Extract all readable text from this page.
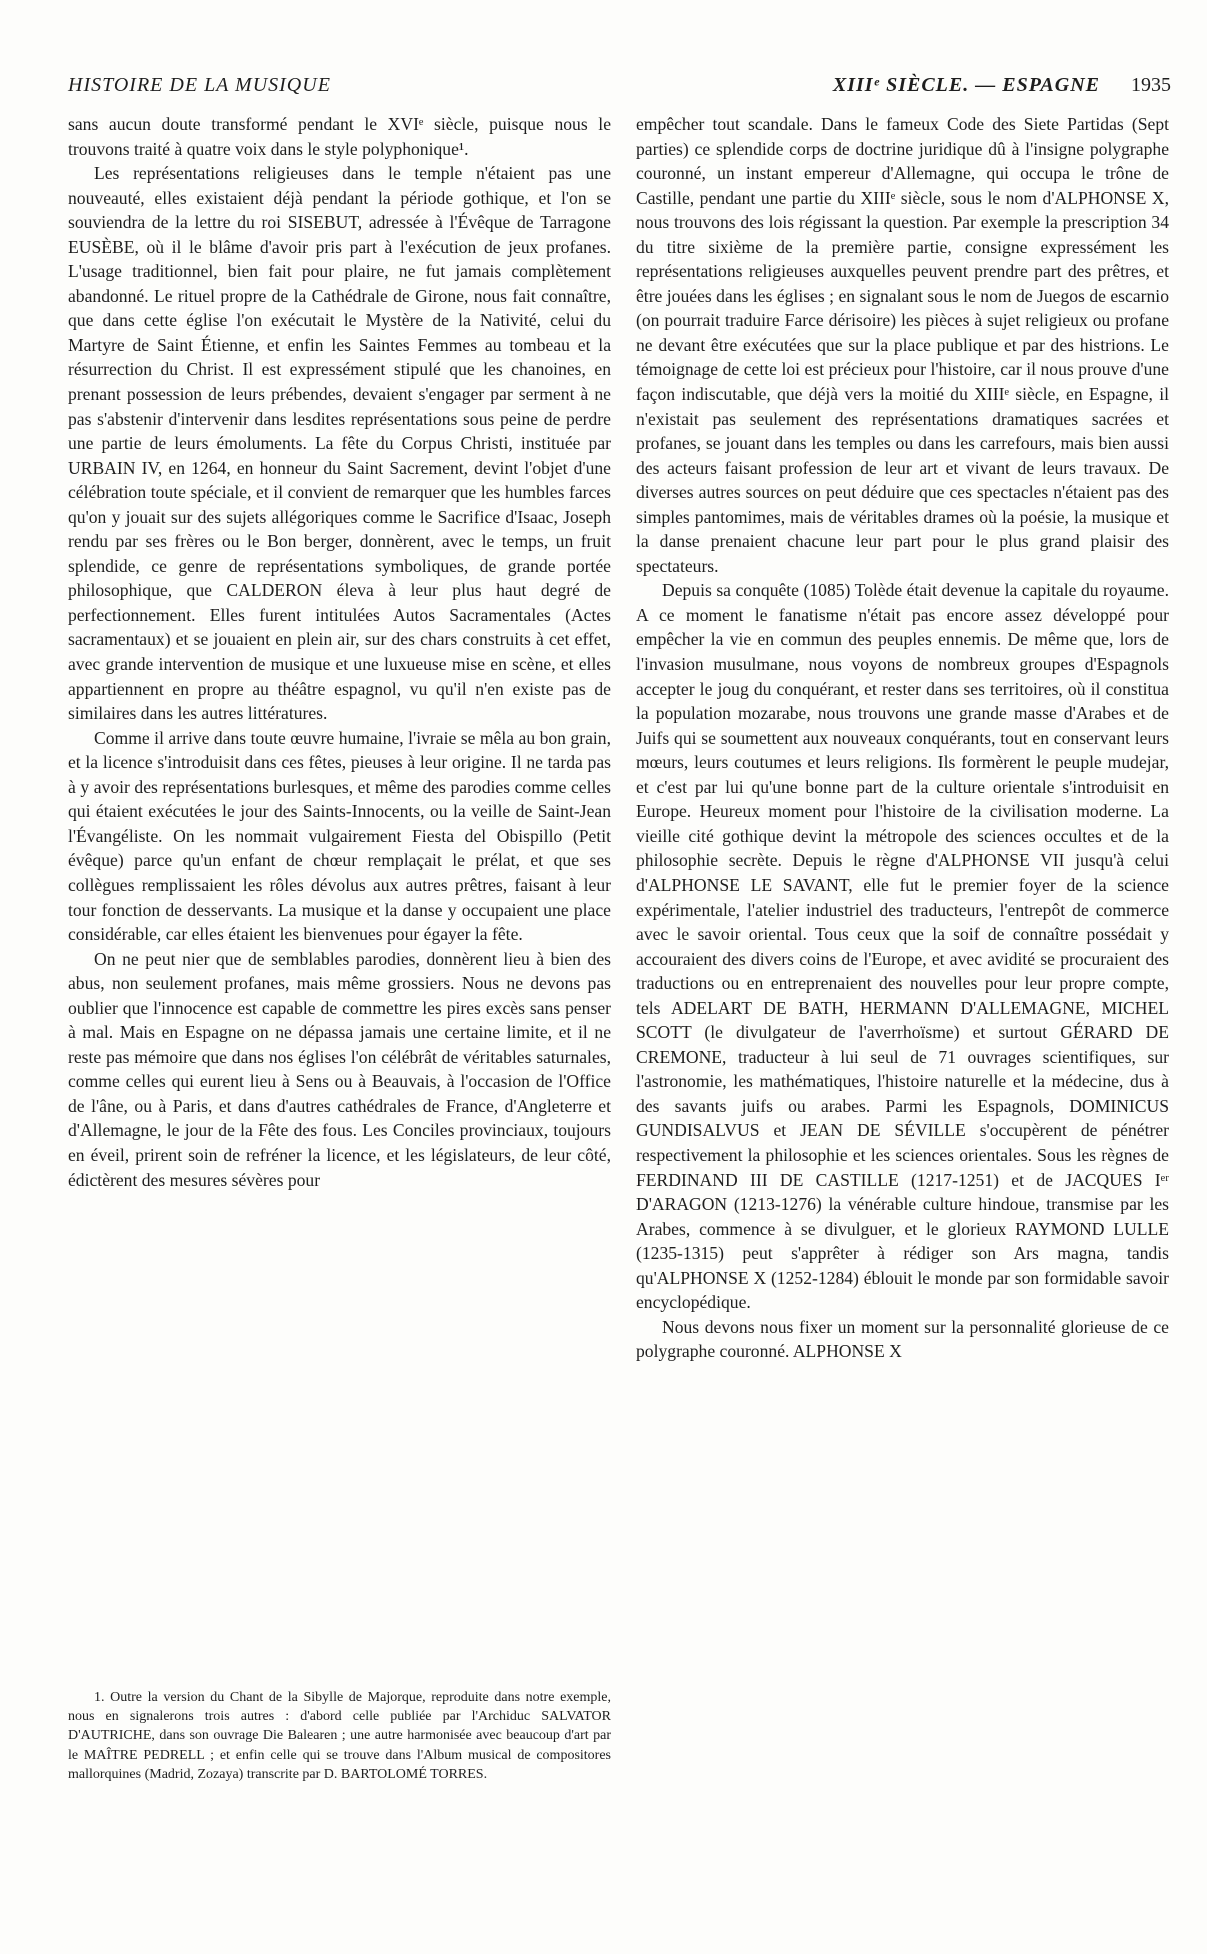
HISTOIRE DE LA MUSIQUE	XIIIᵉ SIÈCLE. — ESPAGNE 1935

sans aucun doute transformé pendant le XVIᵉ siècle, puisque nous le trouvons traité à quatre voix dans le style polyphonique¹.

Les représentations religieuses dans le temple n'étaient pas une nouveauté, elles existaient déjà pendant la période gothique, et l'on se souviendra de la lettre du roi SISEBUT, adressée à l'Évêque de Tarragone EUSÈBE, où il le blâme d'avoir pris part à l'exécution de jeux profanes. L'usage traditionnel, bien fait pour plaire, ne fut jamais complètement abandonné. Le rituel propre de la Cathédrale de Girone, nous fait connaître, que dans cette église l'on exécutait le Mystère de la Nativité, celui du Martyre de Saint Étienne, et enfin les Saintes Femmes au tombeau et la résurrection du Christ. Il est expressément stipulé que les chanoines, en prenant possession de leurs prébendes, devaient s'engager par serment à ne pas s'abstenir d'intervenir dans lesdites représentations sous peine de perdre une partie de leurs émoluments. La fête du Corpus Christi, instituée par URBAIN IV, en 1264, en honneur du Saint Sacrement, devint l'objet d'une célébration toute spéciale, et il convient de remarquer que les humbles farces qu'on y jouait sur des sujets allégoriques comme le Sacrifice d'Isaac, Joseph rendu par ses frères ou le Bon berger, donnèrent, avec le temps, un fruit splendide, ce genre de représentations symboliques, de grande portée philosophique, que CALDERON éleva à leur plus haut degré de perfectionnement. Elles furent intitulées Autos Sacramentales (Actes sacramentaux) et se jouaient en plein air, sur des chars construits à cet effet, avec grande intervention de musique et une luxueuse mise en scène, et elles appartiennent en propre au théâtre espagnol, vu qu'il n'en existe pas de similaires dans les autres littératures.

Comme il arrive dans toute œuvre humaine, l'ivraie se mêla au bon grain, et la licence s'introduisit dans ces fêtes, pieuses à leur origine. Il ne tarda pas à y avoir des représentations burlesques, et même des parodies comme celles qui étaient exécutées le jour des Saints-Innocents, ou la veille de Saint-Jean l'Évangéliste. On les nommait vulgairement Fiesta del Obispillo (Petit évêque) parce qu'un enfant de chœur remplaçait le prélat, et que ses collègues remplissaient les rôles dévolus aux autres prêtres, faisant à leur tour fonction de desservants. La musique et la danse y occupaient une place considérable, car elles étaient les bienvenues pour égayer la fête.

On ne peut nier que de semblables parodies, donnèrent lieu à bien des abus, non seulement profanes, mais même grossiers. Nous ne devons pas oublier que l'innocence est capable de commettre les pires excès sans penser à mal. Mais en Espagne on ne dépassa jamais une certaine limite, et il ne reste pas mémoire que dans nos églises l'on célébrât de véritables saturnales, comme celles qui eurent lieu à Sens ou à Beauvais, à l'occasion de l'Office de l'âne, ou à Paris, et dans d'autres cathédrales de France, d'Angleterre et d'Allemagne, le jour de la Fête des fous. Les Conciles provinciaux, toujours en éveil, prirent soin de refréner la licence, et les législateurs, de leur côté, édictèrent des mesures sévères pour

1. Outre la version du Chant de la Sibylle de Majorque, reproduite dans notre exemple, nous en signalerons trois autres : d'abord celle publiée par l'Archiduc SALVATOR D'AUTRICHE, dans son ouvrage Die Balearen ; une autre harmonisée avec beaucoup d'art par le MAÎTRE PEDRELL ; et enfin celle qui se trouve dans l'Album musical de compositores mallorquines (Madrid, Zozaya) transcrite par D. BARTOLOMÉ TORRES.

empêcher tout scandale. Dans le fameux Code des Siete Partidas (Sept parties) ce splendide corps de doctrine juridique dû à l'insigne polygraphe couronné, un instant empereur d'Allemagne, qui occupa le trône de Castille, pendant une partie du XIIIᵉ siècle, sous le nom d'ALPHONSE X, nous trouvons des lois régissant la question. Par exemple la prescription 34 du titre sixième de la première partie, consigne expressément les représentations religieuses auxquelles peuvent prendre part des prêtres, et être jouées dans les églises ; en signalant sous le nom de Juegos de escarnio (on pourrait traduire Farce dérisoire) les pièces à sujet religieux ou profane ne devant être exécutées que sur la place publique et par des histrions. Le témoignage de cette loi est précieux pour l'histoire, car il nous prouve d'une façon indiscutable, que déjà vers la moitié du XIIIᵉ siècle, en Espagne, il n'existait pas seulement des représentations dramatiques sacrées et profanes, se jouant dans les temples ou dans les carrefours, mais bien aussi des acteurs faisant profession de leur art et vivant de leurs travaux. De diverses autres sources on peut déduire que ces spectacles n'étaient pas des simples pantomimes, mais de véritables drames où la poésie, la musique et la danse prenaient chacune leur part pour le plus grand plaisir des spectateurs.

Depuis sa conquête (1085) Tolède était devenue la capitale du royaume. A ce moment le fanatisme n'était pas encore assez développé pour empêcher la vie en commun des peuples ennemis. De même que, lors de l'invasion musulmane, nous voyons de nombreux groupes d'Espagnols accepter le joug du conquérant, et rester dans ses territoires, où il constitua la population mozarabe, nous trouvons une grande masse d'Arabes et de Juifs qui se soumettent aux nouveaux conquérants, tout en conservant leurs mœurs, leurs coutumes et leurs religions. Ils formèrent le peuple mudejar, et c'est par lui qu'une bonne part de la culture orientale s'introduisit en Europe. Heureux moment pour l'histoire de la civilisation moderne. La vieille cité gothique devint la métropole des sciences occultes et de la philosophie secrète. Depuis le règne d'ALPHONSE VII jusqu'à celui d'ALPHONSE LE SAVANT, elle fut le premier foyer de la science expérimentale, l'atelier industriel des traducteurs, l'entrepôt de commerce avec le savoir oriental. Tous ceux que la soif de connaître possédait y accouraient des divers coins de l'Europe, et avec avidité se procuraient des traductions ou en entreprenaient des nouvelles pour leur propre compte, tels ADELART DE BATH, HERMANN D'ALLEMAGNE, MICHEL SCOTT (le divulgateur de l'averrhoïsme) et surtout GÉRARD DE CREMONE, traducteur à lui seul de 71 ouvrages scientifiques, sur l'astronomie, les mathématiques, l'histoire naturelle et la médecine, dus à des savants juifs ou arabes. Parmi les Espagnols, DOMINICUS GUNDISALVUS et JEAN DE SÉVILLE s'occupèrent de pénétrer respectivement la philosophie et les sciences orientales. Sous les règnes de FERDINAND III DE CASTILLE (1217-1251) et de JACQUES Iᵉʳ D'ARAGON (1213-1276) la vénérable culture hindoue, transmise par les Arabes, commence à se divulguer, et le glorieux RAYMOND LULLE (1235-1315) peut s'apprêter à rédiger son Ars magna, tandis qu'ALPHONSE X (1252-1284) éblouit le monde par son formidable savoir encyclopédique.

Nous devons nous fixer un moment sur la personnalité glorieuse de ce polygraphe couronné. ALPHONSE X
